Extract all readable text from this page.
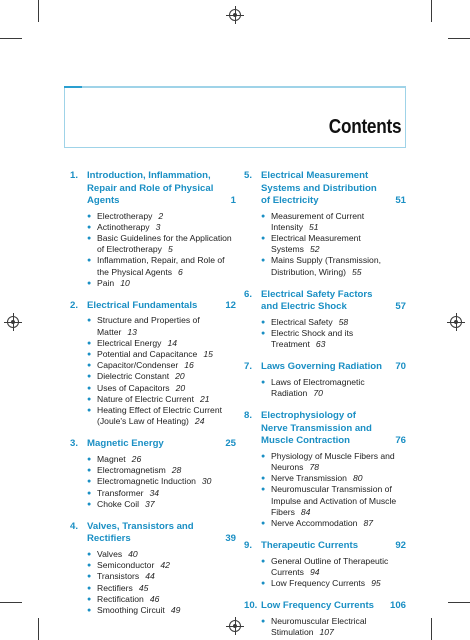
Contents
1. Introduction, Inflammation, Repair and Role of Physical Agents	1
● Electrotherapy 2
● Actinotherapy 3
● Basic Guidelines for the Application of Electrotherapy 5
● Inflammation, Repair, and Role of the Physical Agents 6
● Pain 10
2. Electrical Fundamentals	12
● Structure and Properties of Matter 13
● Electrical Energy 14
● Potential and Capacitance 15
● Capacitor/Condenser 16
● Dielectric Constant 20
● Uses of Capacitors 20
● Nature of Electric Current 21
● Heating Effect of Electric Current (Joule's Law of Heating) 24
3. Magnetic Energy	25
● Magnet 26
● Electromagnetism 28
● Electromagnetic Induction 30
● Transformer 34
● Choke Coil 37
4. Valves, Transistors and Rectifiers	39
● Valves 40
● Semiconductor 42
● Transistors 44
● Rectifiers 45
● Rectification 46
● Smoothing Circuit 49
5. Electrical Measurement Systems and Distribution of Electricity	51
● Measurement of Current Intensity 51
● Electrical Measurement Systems 52
● Mains Supply (Transmission, Distribution, Wiring) 55
6. Electrical Safety Factors and Electric Shock	57
● Electrical Safety 58
● Electric Shock and its Treatment 63
7. Laws Governing Radiation	70
● Laws of Electromagnetic Radiation 70
8. Electrophysiology of Nerve Transmission and Muscle Contraction	76
● Physiology of Muscle Fibers and Neurons 78
● Nerve Transmission 80
● Neuromuscular Transmission of Impulse and Activation of Muscle Fibers 84
● Nerve Accommodation 87
9. Therapeutic Currents	92
● General Outline of Therapeutic Currents 94
● Low Frequency Currents 95
10. Low Frequency Currents	106
● Neuromuscular Electrical Stimulation 107
